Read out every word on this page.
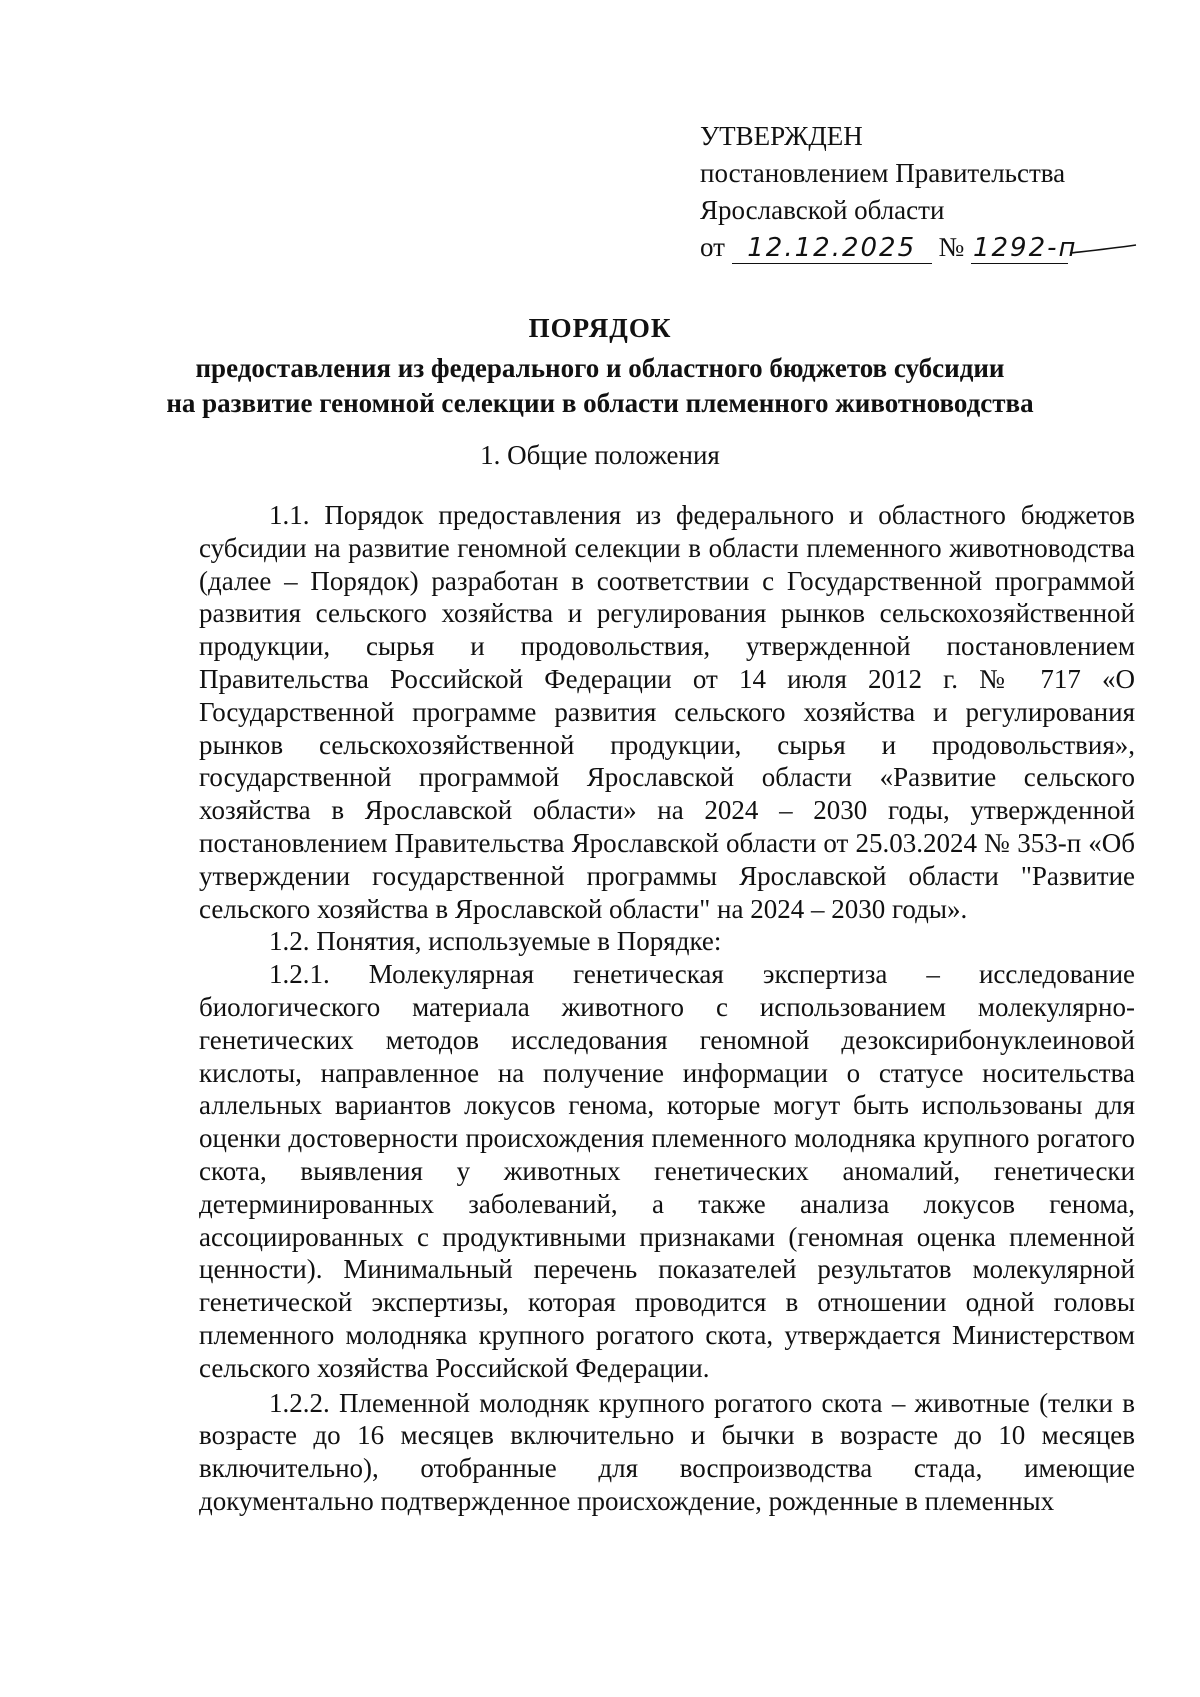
УТВЕРЖДЕН
постановлением Правительства
Ярославской области
от 12.12.2025 № 1292-п
ПОРЯДОК
предоставления из федерального и областного бюджетов субсидии
на развитие геномной селекции в области племенного животноводства
1. Общие положения

1.1. Порядок предоставления из федерального и областного бюджетов субсидии на развитие геномной селекции в области племенного животноводства (далее – Порядок) разработан в соответствии с Государственной программой развития сельского хозяйства и регулирования рынков сельскохозяйственной продукции, сырья и продовольствия, утвержденной постановлением Правительства Российской Федерации от 14 июля 2012 г. № 717 «О Государственной программе развития сельского хозяйства и регулирования рынков сельскохозяйственной продукции, сырья и продовольствия», государственной программой Ярославской области «Развитие сельского хозяйства в Ярославской области» на 2024 – 2030 годы, утвержденной постановлением Правительства Ярославской области от 25.03.2024 № 353-п «Об утверждении государственной программы Ярославской области "Развитие сельского хозяйства в Ярославской области" на 2024 – 2030 годы».

1.2. Понятия, используемые в Порядке:

1.2.1. Молекулярная генетическая экспертиза – исследование биологического материала животного с использованием молекулярно-генетических методов исследования геномной дезоксирибонуклеиновой кислоты, направленное на получение информации о статусе носительства аллельных вариантов локусов генома, которые могут быть использованы для оценки достоверности происхождения племенного молодняка крупного рогатого скота, выявления у животных генетических аномалий, генетически детерминированных заболеваний, а также анализа локусов генома, ассоциированных с продуктивными признаками (геномная оценка племенной ценности). Минимальный перечень показателей результатов молекулярной генетической экспертизы, которая проводится в отношении одной головы племенного молодняка крупного рогатого скота, утверждается Министерством сельского хозяйства Российской Федерации.

1.2.2. Племенной молодняк крупного рогатого скота – животные (телки в возрасте до 16 месяцев включительно и бычки в возрасте до 10 месяцев включительно), отобранные для воспроизводства стада, имеющие документально подтвержденное происхождение, рожденные в племенных
